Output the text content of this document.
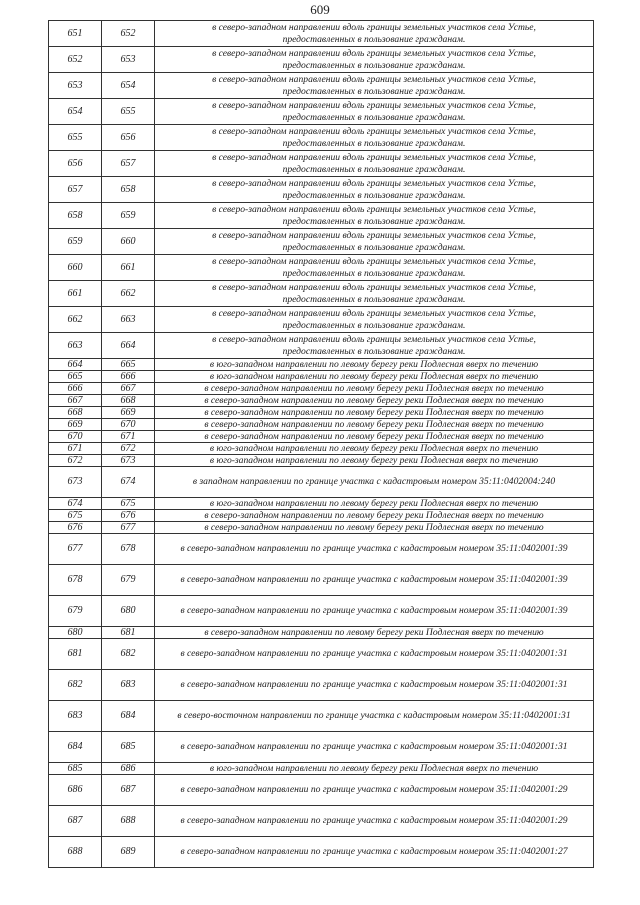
609
651	652	в северо-западном направлении вдоль границы земельных участков села Устье,
предоставленных в пользование гражданам.

652	653	в северо-западном направлении вдоль границы земельных участков села Устье,
предоставленных в пользование гражданам.

653	654	в северо-западном направлении вдоль границы земельных участков села Устье,
предоставленных в пользование гражданам.

654	655	в северо-западном направлении вдоль границы земельных участков села Устье,
предоставленных в пользование гражданам.

655	656	в северо-западном направлении вдоль границы земельных участков села Устье,
предоставленных в пользование гражданам.

656	657	в северо-западном направлении вдоль границы земельных участков села Устье,
предоставленных в пользование гражданам.

657	658	в северо-западном направлении вдоль границы земельных участков села Устье,
предоставленных в пользование гражданам.

658	659	в северо-западном направлении вдоль границы земельных участков села Устье,
предоставленных в пользование гражданам.

659	660	в северо-западном направлении вдоль границы земельных участков села Устье,
предоставленных в пользование гражданам.

660	661	в северо-западном направлении вдоль границы земельных участков села Устье,
предоставленных в пользование гражданам.

661	662	в северо-западном направлении вдоль границы земельных участков села Устье,
предоставленных в пользование гражданам.

662	663	в северо-западном направлении вдоль границы земельных участков села Устье,
предоставленных в пользование гражданам.

663	664	в северо-западном направлении вдоль границы земельных участков села Устье,
предоставленных в пользование гражданам.

664	665	в юго-западном направлении по левому берегу реки Подлесная вверх по течению

665	666	в юго-западном направлении по левому берегу реки Подлесная вверх по течению

666	667	в северо-западном направлении по левому берегу реки Подлесная вверх по течению

667	668	в северо-западном направлении по левому берегу реки Подлесная вверх по течению

668	669	в северо-западном направлении по левому берегу реки Подлесная вверх по течению

669	670	в северо-западном направлении по левому берегу реки Подлесная вверх по течению

670	671	в северо-западном направлении по левому берегу реки Подлесная вверх по течению

671	672	в юго-западном направлении по левому берегу реки Подлесная вверх по течению

672	673	в юго-западном направлении по левому берегу реки Подлесная вверх по течению

673	674	в западном направлении по границе участка с кадастровым номером 35:11:0402004:240

674	675	в юго-западном направлении по левому берегу реки Подлесная вверх по течению

675	676	в северо-западном направлении по левому берегу реки Подлесная вверх по течению

676	677	в северо-западном направлении по левому берегу реки Подлесная вверх по течению

677	678	в северо-западном направлении по границе участка с кадастровым номером 35:11:0402001:39

678	679	в северо-западном направлении по границе участка с кадастровым номером 35:11:0402001:39

679	680	в северо-западном направлении по границе участка с кадастровым номером 35:11:0402001:39

680	681	в северо-западном направлении по левому берегу реки Подлесная вверх по течению

681	682	в северо-западном направлении по границе участка с кадастровым номером 35:11:0402001:31

682	683	в северо-западном направлении по границе участка с кадастровым номером 35:11:0402001:31

683	684	в северо-восточном направлении по границе участка с кадастровым номером 35:11:0402001:31

684	685	в северо-западном направлении по границе участка с кадастровым номером 35:11:0402001:31

685	686	в юго-западном направлении по левому берегу реки Подлесная вверх по течению

686	687	в северо-западном направлении по границе участка с кадастровым номером 35:11:0402001:29

687	688	в северо-западном направлении по границе участка с кадастровым номером 35:11:0402001:29

688	689	в северо-западном направлении по границе участка с кадастровым номером 35:11:0402001:27
